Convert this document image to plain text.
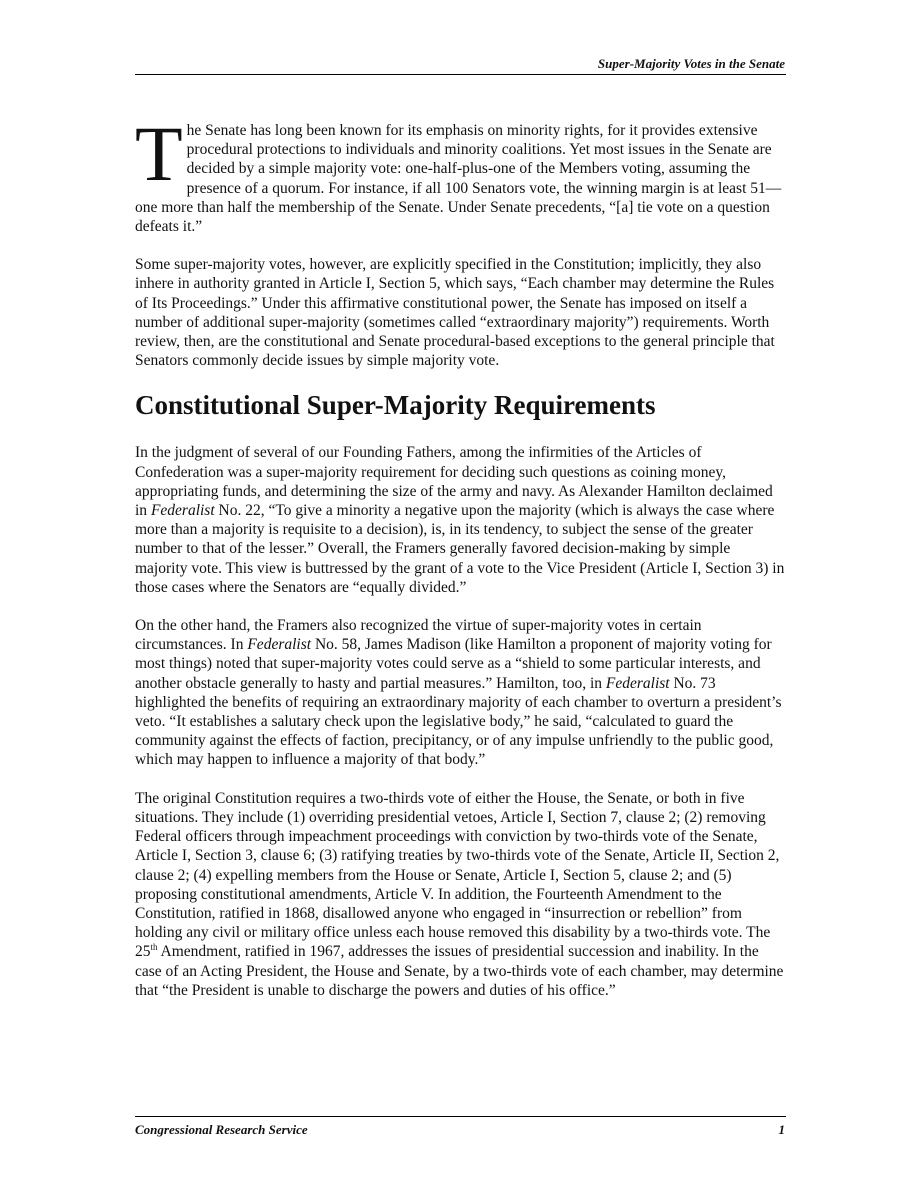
Super-Majority Votes in the Senate

The Senate has long been known for its emphasis on minority rights, for it provides extensive procedural protections to individuals and minority coalitions. Yet most issues in the Senate are decided by a simple majority vote: one-half-plus-one of the Members voting, assuming the presence of a quorum. For instance, if all 100 Senators vote, the winning margin is at least 51—one more than half the membership of the Senate. Under Senate precedents, “[a] tie vote on a question defeats it.”

Some super-majority votes, however, are explicitly specified in the Constitution; implicitly, they also inhere in authority granted in Article I, Section 5, which says, “Each chamber may determine the Rules of Its Proceedings.” Under this affirmative constitutional power, the Senate has imposed on itself a number of additional super-majority (sometimes called “extraordinary majority”) requirements. Worth review, then, are the constitutional and Senate procedural-based exceptions to the general principle that Senators commonly decide issues by simple majority vote.

Constitutional Super-Majority Requirements

In the judgment of several of our Founding Fathers, among the infirmities of the Articles of Confederation was a super-majority requirement for deciding such questions as coining money, appropriating funds, and determining the size of the army and navy. As Alexander Hamilton declaimed in Federalist No. 22, “To give a minority a negative upon the majority (which is always the case where more than a majority is requisite to a decision), is, in its tendency, to subject the sense of the greater number to that of the lesser.” Overall, the Framers generally favored decision-making by simple majority vote. This view is buttressed by the grant of a vote to the Vice President (Article I, Section 3) in those cases where the Senators are “equally divided.”

On the other hand, the Framers also recognized the virtue of super-majority votes in certain circumstances. In Federalist No. 58, James Madison (like Hamilton a proponent of majority voting for most things) noted that super-majority votes could serve as a “shield to some particular interests, and another obstacle generally to hasty and partial measures.” Hamilton, too, in Federalist No. 73 highlighted the benefits of requiring an extraordinary majority of each chamber to overturn a president’s veto. “It establishes a salutary check upon the legislative body,” he said, “calculated to guard the community against the effects of faction, precipitancy, or of any impulse unfriendly to the public good, which may happen to influence a majority of that body.”

The original Constitution requires a two-thirds vote of either the House, the Senate, or both in five situations. They include (1) overriding presidential vetoes, Article I, Section 7, clause 2; (2) removing Federal officers through impeachment proceedings with conviction by two-thirds vote of the Senate, Article I, Section 3, clause 6; (3) ratifying treaties by two-thirds vote of the Senate, Article II, Section 2, clause 2; (4) expelling members from the House or Senate, Article I, Section 5, clause 2; and (5) proposing constitutional amendments, Article V. In addition, the Fourteenth Amendment to the Constitution, ratified in 1868, disallowed anyone who engaged in “insurrection or rebellion” from holding any civil or military office unless each house removed this disability by a two-thirds vote. The 25th Amendment, ratified in 1967, addresses the issues of presidential succession and inability. In the case of an Acting President, the House and Senate, by a two-thirds vote of each chamber, may determine that “the President is unable to discharge the powers and duties of his office.”

Congressional Research Service	1
